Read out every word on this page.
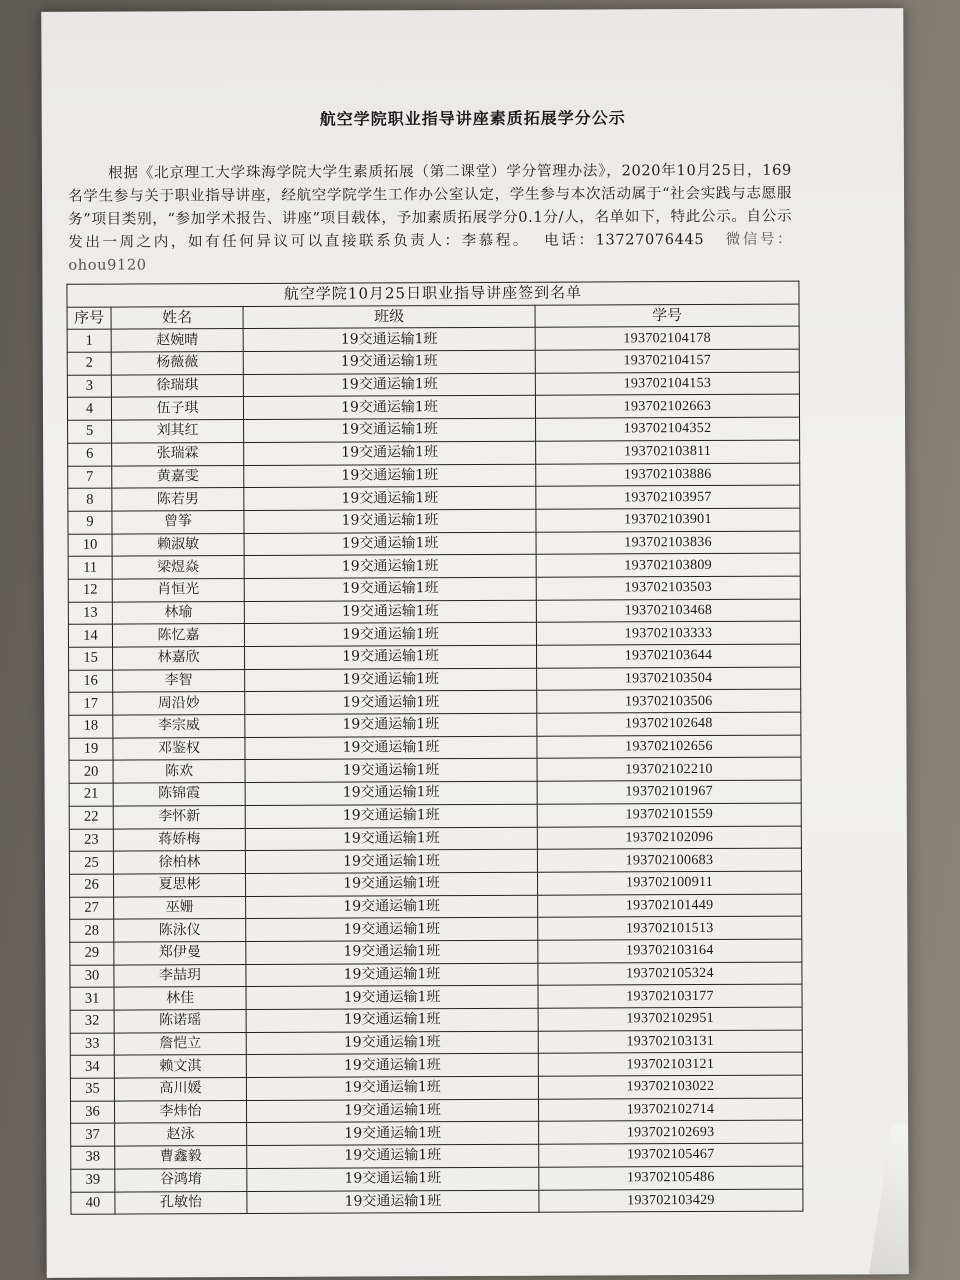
航空学院职业指导讲座素质拓展学分公示
根据《北京理工大学珠海学院大学生素质拓展（第二课堂）学分管理办法》，2020年10月25日，169名学生参与关于职业指导讲座，经航空学院学生工作办公室认定，学生参与本次活动属于“社会实践与志愿服务”项目类别，“参加学术报告、讲座”项目载体，予加素质拓展学分0.1分/人，名单如下，特此公示。自公示发出一周之内，如有任何异议可以直接联系负责人：李慕程。 电话：13727076445 微信号：ohou9120
航空学院10月25日职业指导讲座签到名单			
序号	姓名	班级	学号
1	赵婉晴	19交通运输1班	193702104178
2	杨薇薇	19交通运输1班	193702104157
3	徐瑞琪	19交通运输1班	193702104153
4	伍子琪	19交通运输1班	193702102663
5	刘其红	19交通运输1班	193702104352
6	张瑞霖	19交通运输1班	193702103811
7	黄嘉雯	19交通运输1班	193702103886
8	陈若男	19交通运输1班	193702103957
9	曾筝	19交通运输1班	193702103901
10	赖淑敏	19交通运输1班	193702103836
11	梁煜焱	19交通运输1班	193702103809
12	肖恒光	19交通运输1班	193702103503
13	林瑜	19交通运输1班	193702103468
14	陈忆嘉	19交通运输1班	193702103333
15	林嘉欣	19交通运输1班	193702103644
16	李智	19交通运输1班	193702103504
17	周沿妙	19交通运输1班	193702103506
18	李宗威	19交通运输1班	193702102648
19	邓鉴权	19交通运输1班	193702102656
20	陈欢	19交通运输1班	193702102210
21	陈锦霞	19交通运输1班	193702101967
22	李怀新	19交通运输1班	193702101559
23	蒋娇梅	19交通运输1班	193702102096
25	徐柏林	19交通运输1班	193702100683
26	夏思彬	19交通运输1班	193702100911
27	巫姗	19交通运输1班	193702101449
28	陈泳仪	19交通运输1班	193702101513
29	郑伊曼	19交通运输1班	193702103164
30	李喆玥	19交通运输1班	193702105324
31	林佳	19交通运输1班	193702103177
32	陈诺瑶	19交通运输1班	193702102951
33	詹恺立	19交通运输1班	193702103131
34	赖文淇	19交通运输1班	193702103121
35	高川媛	19交通运输1班	193702103022
36	李炜怡	19交通运输1班	193702102714
37	赵泳	19交通运输1班	193702102693
38	曹鑫毅	19交通运输1班	193702105467
39	谷鸿堉	19交通运输1班	193702105486
40	孔敏怡	19交通运输1班	193702103429
